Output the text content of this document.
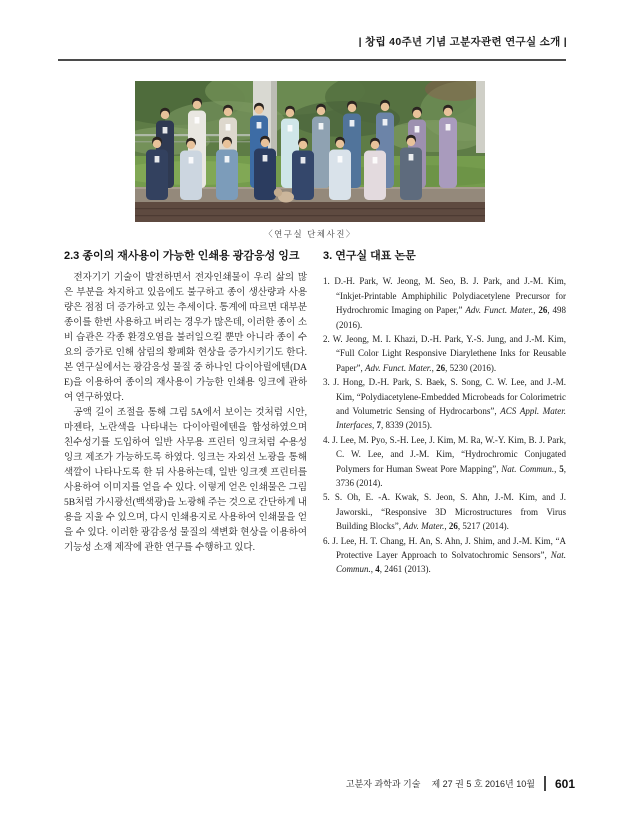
| 창립 40주년 기념 고분자관련 연구실 소개 |
〈연구실 단체사진〉
2.3 종이의 재사용이 가능한 인쇄용 광감응성 잉크

전자기기 기술이 발전하면서 전자인쇄물이 우리 삶의 많은 부분을 차지하고 있음에도 불구하고 종이 생산량과 사용량은 점점 더 증가하고 있는 추세이다. 통계에 따르면 대부분 종이를 한번 사용하고 버리는 경우가 많은데, 이러한 종이 소비 습관은 각종 환경오염을 불러일으킬 뿐만 아니라 종이 수요의 증가로 인해 삼림의 황폐화 현상을 증가시키기도 한다. 본 연구실에서는 광감응성 물질 중 하나인 다이아릴에텐(DAE)을 이용하여 종이의 재사용이 가능한 인쇄용 잉크에 관하여 연구하였다.

공액 길이 조절을 통해 그림 5A에서 보이는 것처럼 시안, 마젠타, 노란색을 나타내는 다이아릴에텐을 합성하였으며 친수성기를 도입하여 일반 사무용 프린터 잉크처럼 수용성 잉크 제조가 가능하도록 하였다. 잉크는 자외선 노광을 통해 색깔이 나타나도록 한 뒤 사용하는데, 일반 잉크젯 프린터를 사용하여 이미지를 얻을 수 있다. 이렇게 얻은 인쇄물은 그림 5B처럼 가시광선(백색광)을 노광해 주는 것으로 간단하게 내용을 지울 수 있으며, 다시 인쇄용지로 사용하여 인쇄물을 얻을 수 있다. 이러한 광감응성 물질의 색변화 현상을 이용하여 기능성 소재 제작에 관한 연구를 수행하고 있다.

3. 연구실 대표 논문
1. D.-H. Park, W. Jeong, M. Seo, B. J. Park, and J.-M. Kim, “Inkjet-Printable Amphiphilic Polydiacetylene Precursor for Hydrochromic Imaging on Paper,” Adv. Funct. Mater., 26, 498 (2016).
2. W. Jeong, M. I. Khazi, D.-H. Park, Y.-S. Jung, and J.-M. Kim, “Full Color Light Responsive Diarylethene Inks for Reusable Paper”, Adv. Funct. Mater., 26, 5230 (2016).
3. J. Hong, D.-H. Park, S. Baek, S. Song, C. W. Lee, and J.-M. Kim, “Polydiacetylene-Embedded Microbeads for Colorimetric and Volumetric Sensing of Hydrocarbons”, ACS Appl. Mater. Interfaces, 7, 8339 (2015).
4. J. Lee, M. Pyo, S.-H. Lee, J. Kim, M. Ra, W.-Y. Kim, B. J. Park, C. W. Lee, and J.-M. Kim, “Hydrochromic Conjugated Polymers for Human Sweat Pore Mapping”, Nat. Commun., 5, 3736 (2014).
5. S. Oh, E. -A. Kwak, S. Jeon, S. Ahn, J.-M. Kim, and J. Jaworski., “Responsive 3D Microstructures from Virus Building Blocks”, Adv. Mater., 26, 5217 (2014).
6. J. Lee, H. T. Chang, H. An, S. Ahn, J. Shim, and J.-M. Kim, “A Protective Layer Approach to Solvatochromic Sensors”, Nat. Commun., 4, 2461 (2013).
고분자 과학과 기술 제 27 권 5 호 2016년 10월 601
